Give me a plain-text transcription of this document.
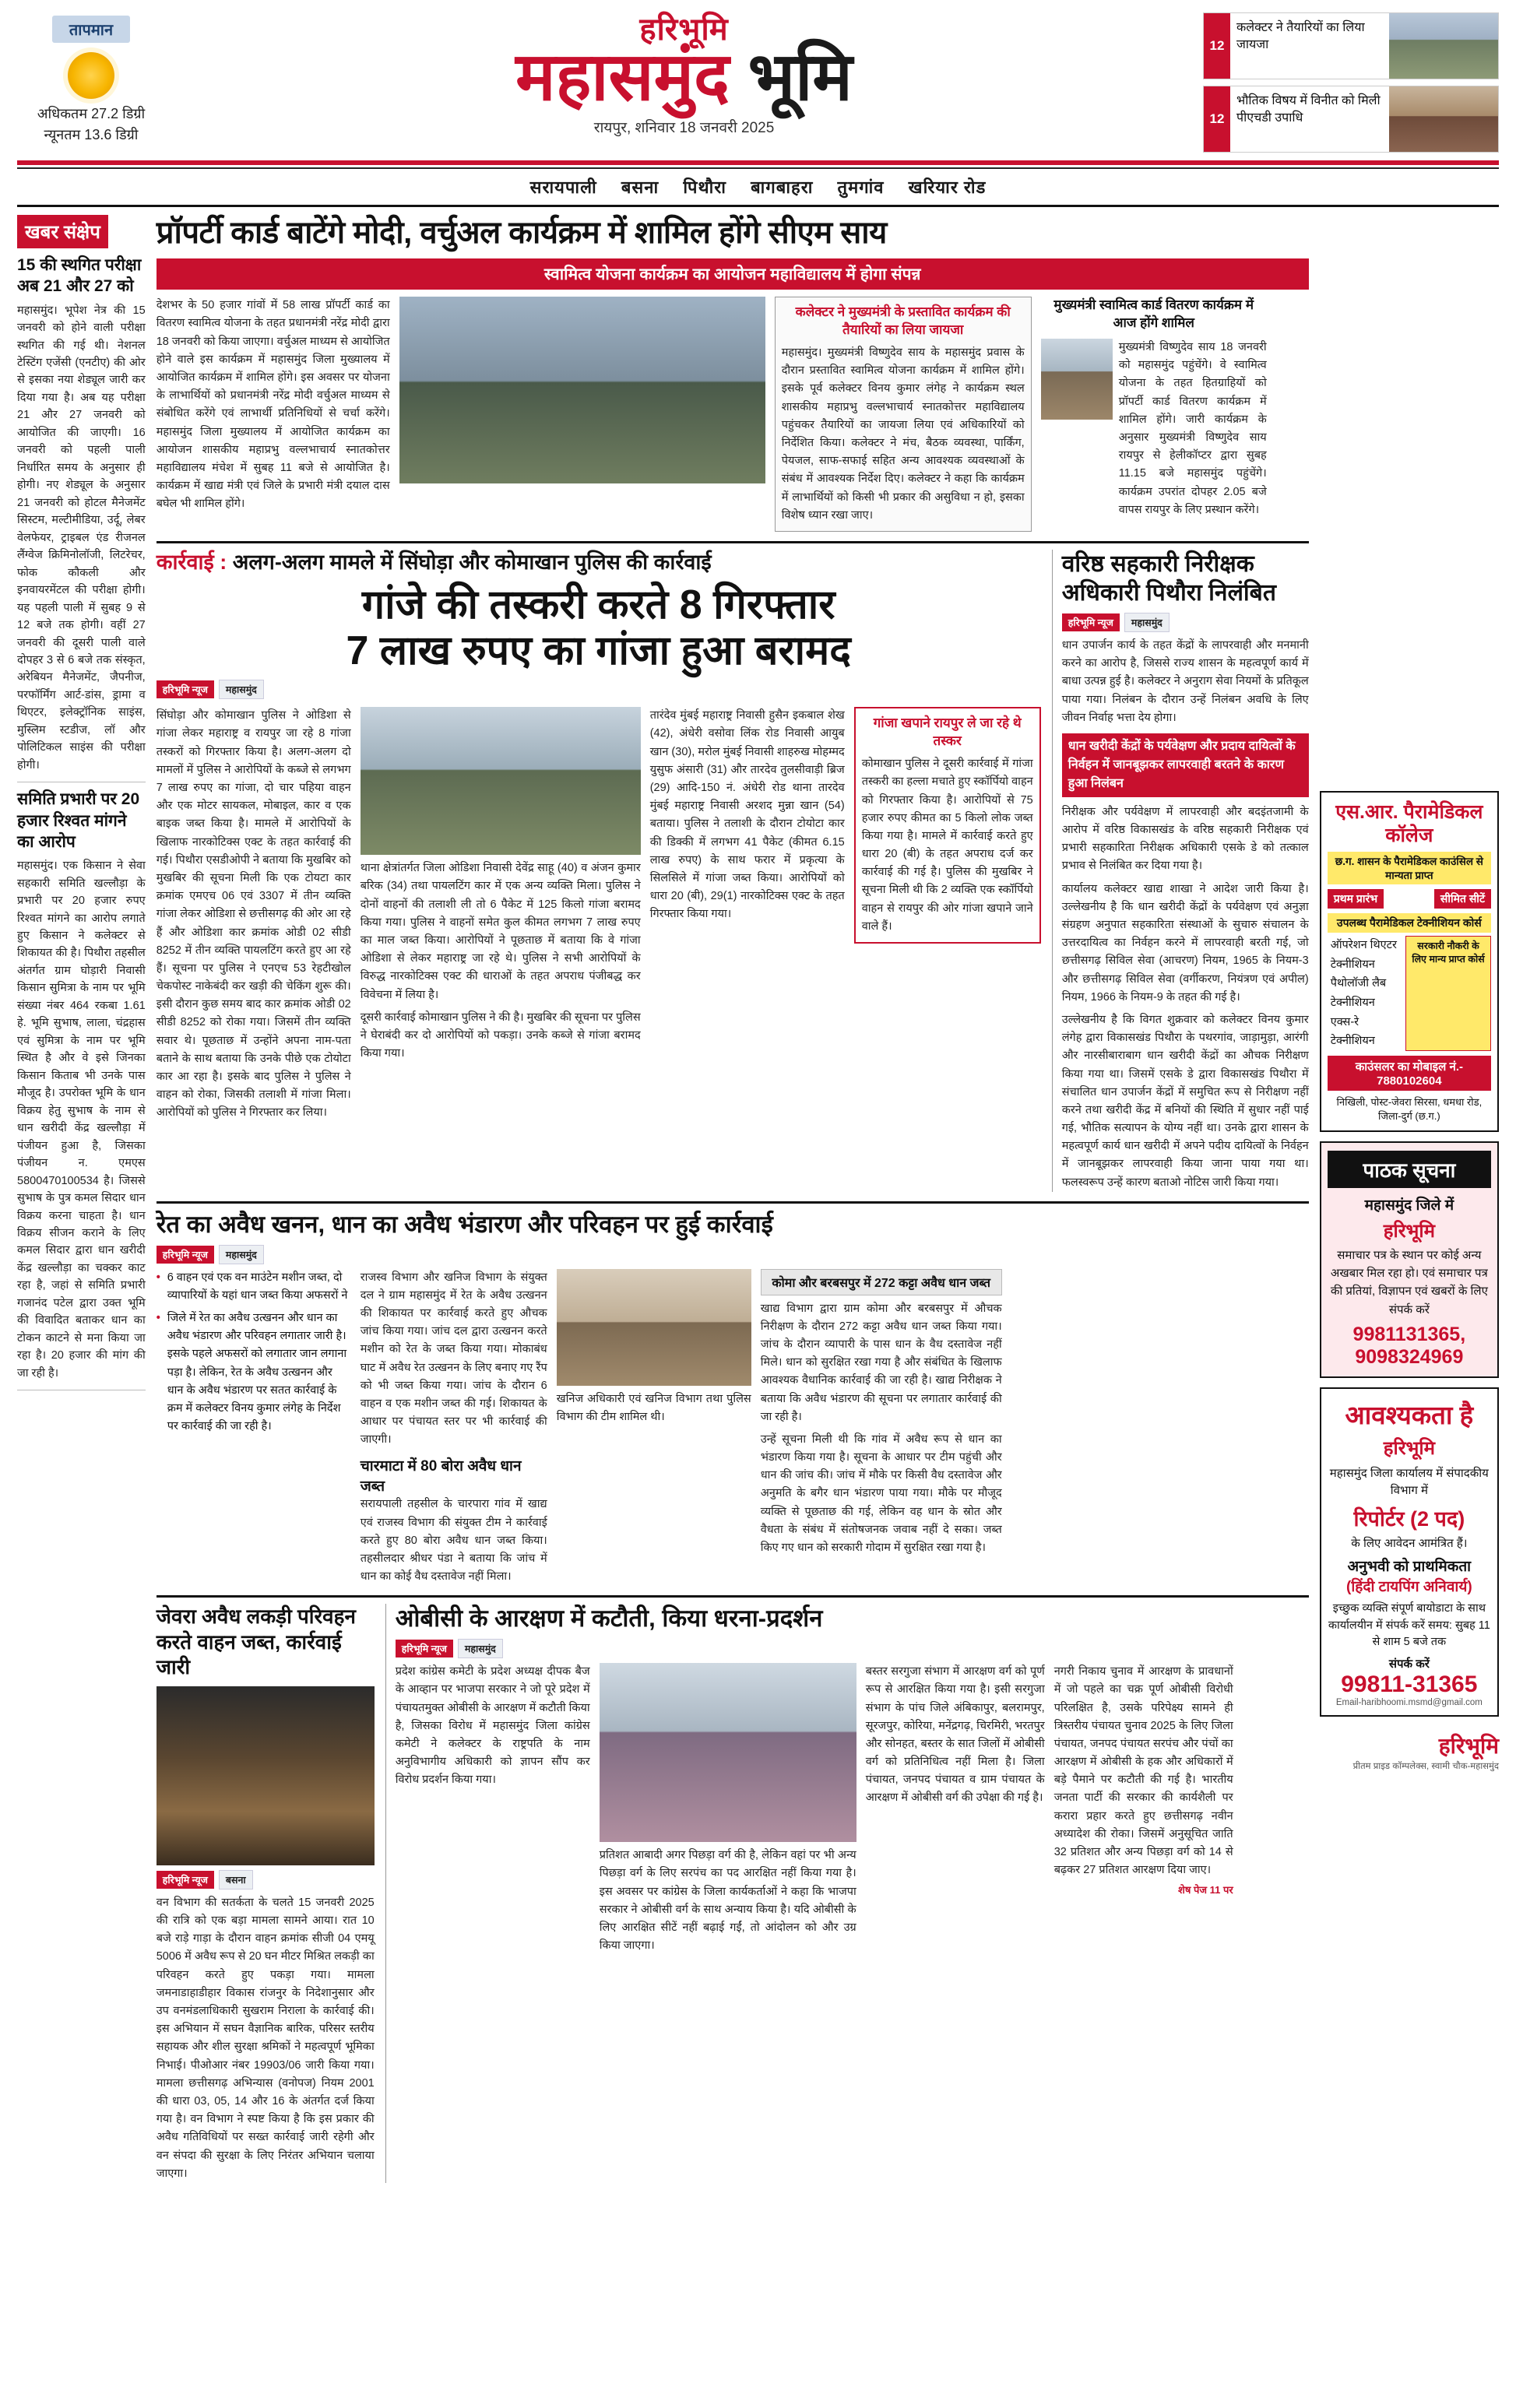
तापमान
अधिकतम 27.2 डिग्री
न्यूनतम 13.6 डिग्री
हरिभूमि
महासमुंद भूमि
रायपुर, शनिवार 18 जनवरी 2025
12
कलेक्टर ने तैयारियों का लिया जायजा
12
भौतिक विषय में विनीत को मिली पीएचडी उपाधि
सरायपाली बसना पिथौरा बागबाहरा तुमगांव खरियार रोड
खबर संक्षेप
15 की स्थगित परीक्षा अब 21 और 27 को
महासमुंद। भूपेश नेत्र की 15 जनवरी को होने वाली परीक्षा स्थगित की गई थी। नेशनल टेस्टिंग एजेंसी (एनटीए) की ओर से इसका नया शेड्यूल जारी कर दिया गया है। अब यह परीक्षा 21 और 27 जनवरी को आयोजित की जाएगी। 16 जनवरी को पहली पाली निर्धारित समय के अनुसार ही होगी। नए शेड्यूल के अनुसार 21 जनवरी को होटल मैनेजमेंट सिस्टम, मल्टीमीडिया, उर्दू, लेबर वेलफेयर, ट्राइबल एंड रीजनल लैंग्वेज क्रिमिनोलॉजी, लिटरेचर, फोक कौकली और इनवायरमेंटल की परीक्षा होगी। यह पहली पाली में सुबह 9 से 12 बजे तक होगी। वहीं 27 जनवरी की दूसरी पाली वाले दोपहर 3 से 6 बजे तक संस्कृत, अरेबियन मैनेजमेंट, जैपनीज, परफॉर्मिंग आर्ट-डांस, ड्रामा व थिएटर, इलेक्ट्रॉनिक साइंस, मुस्लिम स्टडीज, लॉ और पोलिटिकल साइंस की परीक्षा होगी।
समिति प्रभारी पर 20 हजार रिश्वत मांगने का आरोप
महासमुंद। एक किसान ने सेवा सहकारी समिति खल्लौड़ा के प्रभारी पर 20 हजार रुपए रिश्वत मांगने का आरोप लगाते हुए किसान ने कलेक्टर से शिकायत की है। पिथौरा तहसील अंतर्गत ग्राम घोड़ारी निवासी किसान सुमित्रा के नाम पर भूमि संख्या नंबर 464 रकबा 1.61 हे. भूमि सुभाष, लाला, चंद्रहास एवं सुमित्रा के नाम पर भूमि स्थित है और वे इसे जिनका किसान किताब भी उनके पास मौजूद है। उपरोक्त भूमि के धान विक्रय हेतु सुभाष के नाम से धान खरीदी केंद्र खल्लौड़ा में पंजीयन हुआ है, जिसका पंजीयन न. एमएस 5800470100534 है। जिससे सुभाष के पुत्र कमल सिदार धान विक्रय करना चाहता है। धान विक्रय सीजन कराने के लिए कमल सिदार द्वारा धान खरीदी केंद्र खल्लौड़ा का चक्कर काट रहा है, जहां से समिति प्रभारी गजानंद पटेल द्वारा उक्त भूमि की विवादित बताकर धान का टोकन काटने से मना किया जा रहा है। 20 हजार की मांग की जा रही है।
प्रॉपर्टी कार्ड बाटेंगे मोदी, वर्चुअल कार्यक्रम में शामिल होंगे सीएम साय
स्वामित्व योजना कार्यक्रम का आयोजन महाविद्यालय में होगा संपन्न
देशभर के 50 हजार गांवों में 58 लाख प्रॉपर्टी कार्ड का वितरण स्वामित्व योजना के तहत प्रधानमंत्री नरेंद्र मोदी द्वारा 18 जनवरी को किया जाएगा। वर्चुअल माध्यम से आयोजित होने वाले इस कार्यक्रम में महासमुंद जिला मुख्यालय में आयोजित कार्यक्रम में शामिल होंगे। इस अवसर पर योजना के लाभार्थियों को प्रधानमंत्री नरेंद्र मोदी वर्चुअल माध्यम से संबोधित करेंगे एवं लाभार्थी प्रतिनिधियों से चर्चा करेंगे। महासमुंद जिला मुख्यालय में आयोजित कार्यक्रम का आयोजन शासकीय महाप्रभु वल्लभाचार्य स्नातकोत्तर महाविद्यालय मंचेश में सुबह 11 बजे से आयोजित है। कार्यक्रम में खाद्य मंत्री एवं जिले के प्रभारी मंत्री दयाल दास बघेल भी शामिल होंगे।
कलेक्टर ने मुख्यमंत्री के प्रस्तावित कार्यक्रम की तैयारियों का लिया जायजा
महासमुंद। मुख्यमंत्री विष्णुदेव साय के महासमुंद प्रवास के दौरान प्रस्तावित स्वामित्व योजना कार्यक्रम में शामिल होंगे। इसके पूर्व कलेक्टर विनय कुमार लंगेह ने कार्यक्रम स्थल शासकीय महाप्रभु वल्लभाचार्य स्नातकोत्तर महाविद्यालय पहुंचकर तैयारियों का जायजा लिया एवं अधिकारियों को निर्देशित किया। कलेक्टर ने मंच, बैठक व्यवस्था, पार्किंग, पेयजल, साफ-सफाई सहित अन्य आवश्यक व्यवस्थाओं के संबंध में आवश्यक निर्देश दिए। कलेक्टर ने कहा कि कार्यक्रम में लाभार्थियों को किसी भी प्रकार की असुविधा न हो, इसका विशेष ध्यान रखा जाए।
मुख्यमंत्री स्वामित्व कार्ड वितरण कार्यक्रम में आज होंगे शामिल
मुख्यमंत्री विष्णुदेव साय 18 जनवरी को महासमुंद पहुंचेंगे। वे स्वामित्व योजना के तहत हितग्राहियों को प्रॉपर्टी कार्ड वितरण कार्यक्रम में शामिल होंगे। जारी कार्यक्रम के अनुसार मुख्यमंत्री विष्णुदेव साय रायपुर से हेलीकॉप्टर द्वारा सुबह 11.15 बजे महासमुंद पहुंचेंगे। कार्यक्रम उपरांत दोपहर 2.05 बजे वापस रायपुर के लिए प्रस्थान करेंगे।
कार्रवाई : अलग-अलग मामले में सिंघोड़ा और कोमाखान पुलिस की कार्रवाई
गांजे की तस्करी करते 8 गिरफ्तार
7 लाख रुपए का गांजा हुआ बरामद
हरिभूमि न्यूज	महासमुंद
सिंघोड़ा और कोमाखान पुलिस ने ओडिशा से गांजा लेकर महाराष्ट्र व रायपुर जा रहे 8 गांजा तस्करों को गिरफ्तार किया है। अलग-अलग दो मामलों में पुलिस ने आरोपियों के कब्जे से लगभग 7 लाख रुपए का गांजा, दो चार पहिया वाहन और एक मोटर सायकल, मोबाइल, कार व एक बाइक जब्त किया है। मामले में आरोपियों के खिलाफ नारकोटिक्स एक्ट के तहत कार्रवाई की गई। पिथौरा एसडीओपी ने बताया कि मुखबिर को मुखबिर की सूचना मिली कि एक टोयटा कार क्रमांक एमएच 06 एवं 3307 में तीन व्यक्ति गांजा लेकर ओडिशा से छत्तीसगढ़ की ओर आ रहे हैं और ओडिशा कार क्रमांक ओडी 02 सीडी 8252 में तीन व्यक्ति पायलटिंग करते हुए आ रहे हैं। सूचना पर पुलिस ने एनएच 53 रेहटीखोल चेकपोस्ट नाकेबंदी कर खड़ी की चेकिंग शुरू की। इसी दौरान कुछ समय बाद कार क्रमांक ओडी 02 सीडी 8252 को रोका गया। जिसमें तीन व्यक्ति सवार थे। पूछताछ में उन्होंने अपना नाम-पता बताने के साथ बताया कि उनके पीछे एक टोयोटा कार आ रहा है। इसके बाद पुलिस ने पुलिस ने वाहन को रोका, जिसकी तलाशी में गांजा मिला। आरोपियों को पुलिस ने गिरफ्तार कर लिया।
थाना क्षेत्रांतर्गत जिला ओडिशा निवासी देवेंद्र साहू (40) व अंजन कुमार बरिक (34) तथा पायलटिंग कार में एक अन्य व्यक्ति मिला। पुलिस ने दोनों वाहनों की तलाशी ली तो 6 पैकेट में 125 किलो गांजा बरामद किया गया। पुलिस ने वाहनों समेत कुल कीमत लगभग 7 लाख रुपए का माल जब्त किया। आरोपियों ने पूछताछ में बताया कि वे गांजा ओडिशा से लेकर महाराष्ट्र जा रहे थे। पुलिस ने सभी आरोपियों के विरुद्ध नारकोटिक्स एक्ट की धाराओं के तहत अपराध पंजीबद्ध कर विवेचना में लिया है।
दूसरी कार्रवाई कोमाखान पुलिस ने की है। मुखबिर की सूचना पर पुलिस ने घेराबंदी कर दो आरोपियों को पकड़ा। उनके कब्जे से गांजा बरामद किया गया।
तारंदेव मुंबई महाराष्ट्र निवासी हुसैन इकबाल शेख (42), अंधेरी वसोवा लिंक रोड निवासी आयुब खान (30), मरोल मुंबई निवासी शाहरुख मोहम्मद युसुफ अंसारी (31) और तारदेव तुलसीवाड़ी ब्रिज (29) आदि-150 नं. अंधेरी रोड थाना तारदेव मुंबई महाराष्ट्र निवासी अरशद मुन्ना खान (54) बताया। पुलिस ने तलाशी के दौरान टोयोटा कार की डिक्की में लगभग 41 पैकेट (कीमत 6.15 लाख रुपए) के साथ फरार में प्रकृत्या के सिलसिले में गांजा जब्त किया। आरोपियों को धारा 20 (बी), 29(1) नारकोटिक्स एक्ट के तहत गिरफ्तार किया गया।
गांजा खपाने रायपुर ले जा रहे थे तस्कर
कोमाखान पुलिस ने दूसरी कार्रवाई में गांजा तस्करी का हल्ला मचाते हुए स्कॉर्पियो वाहन को गिरफ्तार किया है। आरोपियों से 75 हजार रुपए कीमत का 5 किलो लोक जब्त किया गया है। मामले में कार्रवाई करते हुए धारा 20 (बी) के तहत अपराध दर्ज कर कार्रवाई की गई है। पुलिस की मुखबिर ने सूचना मिली थी कि 2 व्यक्ति एक स्कॉर्पियो वाहन से रायपुर की ओर गांजा खपाने जाने वाले हैं।
वरिष्ठ सहकारी निरीक्षक अधिकारी पिथौरा निलंबित
हरिभूमि न्यूज	महासमुंद
धान उपार्जन कार्य के तहत केंद्रों के लापरवाही और मनमानी करने का आरोप है, जिससे राज्य शासन के महत्वपूर्ण कार्य में बाधा उत्पन्न हुई है। कलेक्टर ने अनुराग सेवा नियमों के प्रतिकूल पाया गया। निलंबन के दौरान उन्हें निलंबन अवधि के लिए जीवन निर्वाह भत्ता देय होगा।
धान खरीदी केंद्रों के पर्यवेक्षण और प्रदाय दायित्वों के निर्वहन में जानबूझकर लापरवाही बरतने के कारण हुआ निलंबन
निरीक्षक और पर्यवेक्षण में लापरवाही और बदइंतजामी के आरोप में वरिष्ठ विकासखंड के वरिष्ठ सहकारी निरीक्षक एवं प्रभारी सहकारिता निरीक्षक अधिकारी एसके डे को तत्काल प्रभाव से निलंबित कर दिया गया है।
कार्यालय कलेक्टर खाद्य शाखा ने आदेश जारी किया है। उल्लेखनीय है कि धान खरीदी केंद्रों के पर्यवेक्षण एवं अनुज्ञा संग्रहण अनुपात सहकारिता संस्थाओं के सुचारु संचालन के उत्तरदायित्व का निर्वहन करने में लापरवाही बरती गई, जो छत्तीसगढ़ सिविल सेवा (आचरण) नियम, 1965 के नियम-3 और छत्तीसगढ़ सिविल सेवा (वर्गीकरण, नियंत्रण एवं अपील) नियम, 1966 के नियम-9 के तहत की गई है।
उल्लेखनीय है कि विगत शुक्रवार को कलेक्टर विनय कुमार लंगेह द्वारा विकासखंड पिथौरा के पथरगांव, जाड़ामुड़ा, आरंगी और नारसीबाराबाग धान खरीदी केंद्रों का औचक निरीक्षण किया गया था। जिसमें एसके डे द्वारा विकासखंड पिथौरा में संचालित धान उपार्जन केंद्रों में समुचित रूप से निरीक्षण नहीं करने तथा खरीदी केंद्र में बनियों की स्थिति में सुधार नहीं पाई गई, भौतिक सत्यापन के योग्य नहीं था। उनके द्वारा शासन के महत्वपूर्ण कार्य धान खरीदी में अपने पदीय दायित्वों के निर्वहन में जानबूझकर लापरवाही किया जाना पाया गया था। फलस्वरूप उन्हें कारण बताओ नोटिस जारी किया गया।
रेत का अवैध खनन, धान का अवैध भंडारण और परिवहन पर हुई कार्रवाई
हरिभूमि न्यूज	महासमुंद
• 6 वाहन एवं एक वन माउंटेन मशीन जब्त, दो व्यापारियों के यहां धान जब्त किया अफसरों ने
• जिले में रेत का अवैध उत्खनन और धान का अवैध भंडारण और परिवहन लगातार जारी है। इसके पहले अफसरों को लगातार जान लगाना पड़ा है। लेकिन, रेत के अवैध उत्खनन और धान के अवैध भंडारण पर सतत कार्रवाई के क्रम में कलेक्टर विनय कुमार लंगेह के निर्देश पर कार्रवाई की जा रही है।
राजस्व विभाग और खनिज विभाग के संयुक्त दल ने ग्राम महासमुंद में रेत के अवैध उत्खनन की शिकायत पर कार्रवाई करते हुए औचक जांच किया गया। जांच दल द्वारा उत्खनन करते मशीन को रेत के जब्त किया गया। मोकाबंध घाट में अवैध रेत उत्खनन के लिए बनाए गए रैंप को भी जब्त किया गया। जांच के दौरान 6 वाहन व एक मशीन जब्त की गई। शिकायत के आधार पर पंचायत स्तर पर भी कार्रवाई की जाएगी।
चारमाटा में 80 बोरा अवैध धान जब्त
सरायपाली तहसील के चारपारा गांव में खाद्य एवं राजस्व विभाग की संयुक्त टीम ने कार्रवाई करते हुए 80 बोरा अवैध धान जब्त किया। तहसीलदार श्रीधर पंडा ने बताया कि जांच में धान का कोई वैध दस्तावेज नहीं मिला।
खनिज अधिकारी एवं खनिज विभाग तथा पुलिस विभाग की टीम शामिल थी।
कोमा और बरबसपुर में 272 कट्टा अवैध धान जब्त
खाद्य विभाग द्वारा ग्राम कोमा और बरबसपुर में औचक निरीक्षण के दौरान 272 कट्टा अवैध धान जब्त किया गया। जांच के दौरान व्यापारी के पास धान के वैध दस्तावेज नहीं मिले। धान को सुरक्षित रखा गया है और संबंधित के खिलाफ आवश्यक वैधानिक कार्रवाई की जा रही है। खाद्य निरीक्षक ने बताया कि अवैध भंडारण की सूचना पर लगातार कार्रवाई की जा रही है।
उन्हें सूचना मिली थी कि गांव में अवैध रूप से धान का भंडारण किया गया है। सूचना के आधार पर टीम पहुंची और धान की जांच की। जांच में मौके पर किसी वैध दस्तावेज और अनुमति के बगैर धान भंडारण पाया गया। मौके पर मौजूद व्यक्ति से पूछताछ की गई, लेकिन वह धान के स्रोत और वैधता के संबंध में संतोषजनक जवाब नहीं दे सका। जब्त किए गए धान को सरकारी गोदाम में सुरक्षित रखा गया है।
जेवरा अवैध लकड़ी परिवहन करते वाहन जब्त, कार्रवाई जारी
हरिभूमि न्यूज	बसना
वन विभाग की सतर्कता के चलते 15 जनवरी 2025 की रात्रि को एक बड़ा मामला सामने आया। रात 10 बजे राड़े गाड़ा के दौरान वाहन क्रमांक सीजी 04 एमयू 5006 में अवैध रूप से 20 घन मीटर मिश्रित लकड़ी का परिवहन करते हुए पकड़ा गया। मामला जमनाडाहाडीहार विकास रांजनुर के निदेशानुसार और उप वनमंडलाधिकारी सुखराम निराला के कार्रवाई की। इस अभियान में सघन वैज्ञानिक बारिक, परिसर स्तरीय सहायक और शील सुरक्षा श्रमिकों ने महत्वपूर्ण भूमिका निभाई। पीओआर नंबर 19903/06 जारी किया गया। मामला छत्तीसगढ़ अभिन्यास (वनोपज) नियम 2001 की धारा 03, 05, 14 और 16 के अंतर्गत दर्ज किया गया है। वन विभाग ने स्पष्ट किया है कि इस प्रकार की अवैध गतिविधियों पर सख्त कार्रवाई जारी रहेगी और वन संपदा की सुरक्षा के लिए निरंतर अभियान चलाया जाएगा।
ओबीसी के आरक्षण में कटौती, किया धरना-प्रदर्शन
हरिभूमि न्यूज	महासमुंद
प्रदेश कांग्रेस कमेटी के प्रदेश अध्यक्ष दीपक बैज के आव्हान पर भाजपा सरकार ने जो पूरे प्रदेश में पंचायतमुक्त ओबीसी के आरक्षण में कटौती किया है, जिसका विरोध में महासमुंद जिला कांग्रेस कमेटी ने कलेक्टर के राष्ट्रपति के नाम अनुविभागीय अधिकारी को ज्ञापन सौंप कर विरोध प्रदर्शन किया गया।
प्रतिशत आबादी अगर पिछड़ा वर्ग की है, लेकिन वहां पर भी अन्य पिछड़ा वर्ग के लिए सरपंच का पद आरक्षित नहीं किया गया है। इस अवसर पर कांग्रेस के जिला कार्यकर्ताओं ने कहा कि भाजपा सरकार ने ओबीसी वर्ग के साथ अन्याय किया है। यदि ओबीसी के लिए आरक्षित सीटें नहीं बढ़ाई गईं, तो आंदोलन को और उग्र किया जाएगा।
बस्तर सरगुजा संभाग में आरक्षण वर्ग को पूर्ण रूप से आरक्षित किया गया है। इसी सरगुजा संभाग के पांच जिले अंबिकापुर, बलरामपुर, सूरजपुर, कोरिया, मनेंद्रगढ़, चिरमिरी, भरतपुर और सोनहत, बस्तर के सात जिलों में ओबीसी वर्ग को प्रतिनिधित्व नहीं मिला है। जिला पंचायत, जनपद पंचायत व ग्राम पंचायत के आरक्षण में ओबीसी वर्ग की उपेक्षा की गई है।
नगरी निकाय चुनाव में आरक्षण के प्रावधानों में जो पहले का चक्र पूर्ण ओबीसी विरोधी परिलक्षित है, उसके परिपेक्ष्य सामने ही त्रिस्तरीय पंचायत चुनाव 2025 के लिए जिला पंचायत, जनपद पंचायत सरपंच और पंचों का आरक्षण में ओबीसी के हक और अधिकारों में बड़े पैमाने पर कटौती की गई है। भारतीय जनता पार्टी की सरकार की कार्यशैली पर करारा प्रहार करते हुए छत्तीसगढ़ नवीन अध्यादेश की रोका। जिसमें अनुसूचित जाति 32 प्रतिशत और अन्य पिछड़ा वर्ग को 14 से बढ़कर 27 प्रतिशत आरक्षण दिया जाए।
शेष पेज 11 पर
एस.आर. पैरामेडिकल कॉलेज
छ.ग. शासन के पैरामेडिकल काउंसिल से मान्यता प्राप्त
प्रथम प्रारंभ	सीमित सीटें
उपलब्ध पैरामेडिकल टेक्नीशियन कोर्स
ऑपरेशन थिएटर टेक्नीशियन
पैथोलॉजी लैब टेक्नीशियन
एक्स-रे टेक्नीशियन
सरकारी नौकरी के लिए मान्य प्राप्त कोर्स
काउंसलर का मोबाइल नं.- 7880102604
निखिली, पोस्ट-जेवरा सिरसा, धमधा रोड, जिला-दुर्ग (छ.ग.)
पाठक सूचना
महासमुंद जिले में
हरिभूमि
समाचार पत्र के स्थान पर कोई अन्य अखबार मिल रहा हो। एवं समाचार पत्र की प्रतियां, विज्ञापन एवं खबरों के लिए संपर्क करें
9981131365, 9098324969
आवश्यकता है
हरिभूमि
महासमुंद जिला कार्यालय में संपादकीय विभाग में
रिपोर्टर (2 पद)
के लिए आवेदन आमंत्रित हैं।
अनुभवी को प्राथमिकता
(हिंदी टायपिंग अनिवार्य)
इच्छुक व्यक्ति संपूर्ण बायोडाटा के साथ कार्यालयीन में संपर्क करें समय: सुबह 11 से शाम 5 बजे तक
संपर्क करें
99811-31365
Email-haribhoomi.msmd@gmail.com
हरिभूमि
प्रीतम प्राइड कॉम्पलेक्स, स्वामी चौक-महासमुंद
